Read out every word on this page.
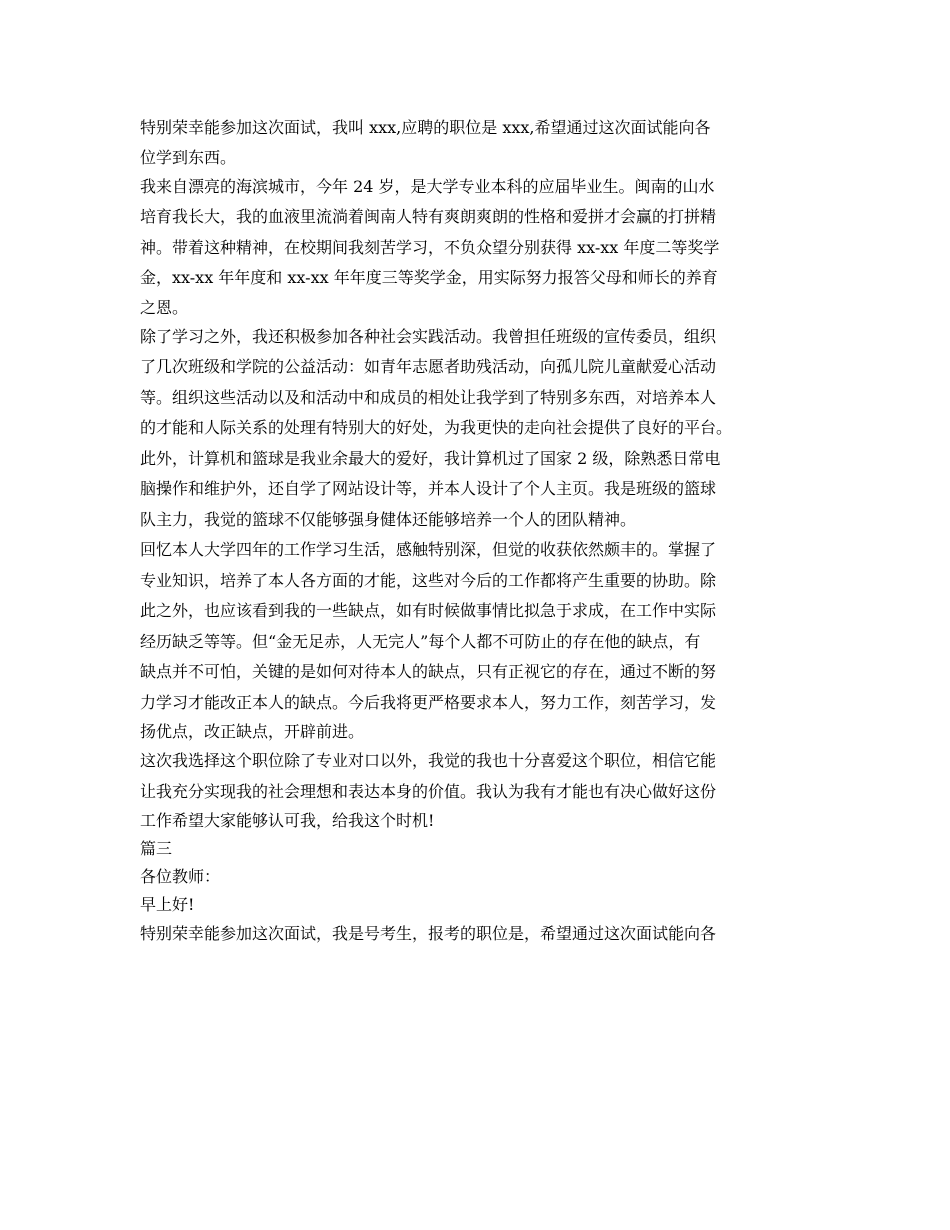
特别荣幸能参加这次面试，我叫 xxx,应聘的职位是 xxx,希望通过这次面试能向各
位学到东西。
我来自漂亮的海滨城市，今年 24 岁，是大学专业本科的应届毕业生。闽南的山水
培育我长大，我的血液里流淌着闽南人特有爽朗爽朗的性格和爱拼才会赢的打拼精
神。带着这种精神，在校期间我刻苦学习，不负众望分别获得 xx-xx 年度二等奖学
金，xx-xx 年年度和 xx-xx 年年度三等奖学金，用实际努力报答父母和师长的养育
之恩。
除了学习之外，我还积极参加各种社会实践活动。我曾担任班级的宣传委员，组织
了几次班级和学院的公益活动：如青年志愿者助残活动，向孤儿院儿童献爱心活动
等。组织这些活动以及和活动中和成员的相处让我学到了特别多东西，对培养本人
的才能和人际关系的处理有特别大的好处，为我更快的走向社会提供了良好的平台。
此外，计算机和篮球是我业余最大的爱好，我计算机过了国家 2 级，除熟悉日常电
脑操作和维护外，还自学了网站设计等，并本人设计了个人主页。我是班级的篮球
队主力，我觉的篮球不仅能够强身健体还能够培养一个人的团队精神。
回忆本人大学四年的工作学习生活，感触特别深，但觉的收获依然颇丰的。掌握了
专业知识，培养了本人各方面的才能，这些对今后的工作都将产生重要的协助。除
此之外，也应该看到我的一些缺点，如有时候做事情比拟急于求成，在工作中实际
经历缺乏等等。但“金无足赤，人无完人”每个人都不可防止的存在他的缺点，有
缺点并不可怕，关键的是如何对待本人的缺点，只有正视它的存在，通过不断的努
力学习才能改正本人的缺点。今后我将更严格要求本人，努力工作，刻苦学习，发
扬优点，改正缺点，开辟前进。
这次我选择这个职位除了专业对口以外，我觉的我也十分喜爱这个职位，相信它能
让我充分实现我的社会理想和表达本身的价值。我认为我有才能也有决心做好这份
工作希望大家能够认可我，给我这个时机!
篇三
各位教师：
早上好!
特别荣幸能参加这次面试，我是号考生，报考的职位是，希望通过这次面试能向各
